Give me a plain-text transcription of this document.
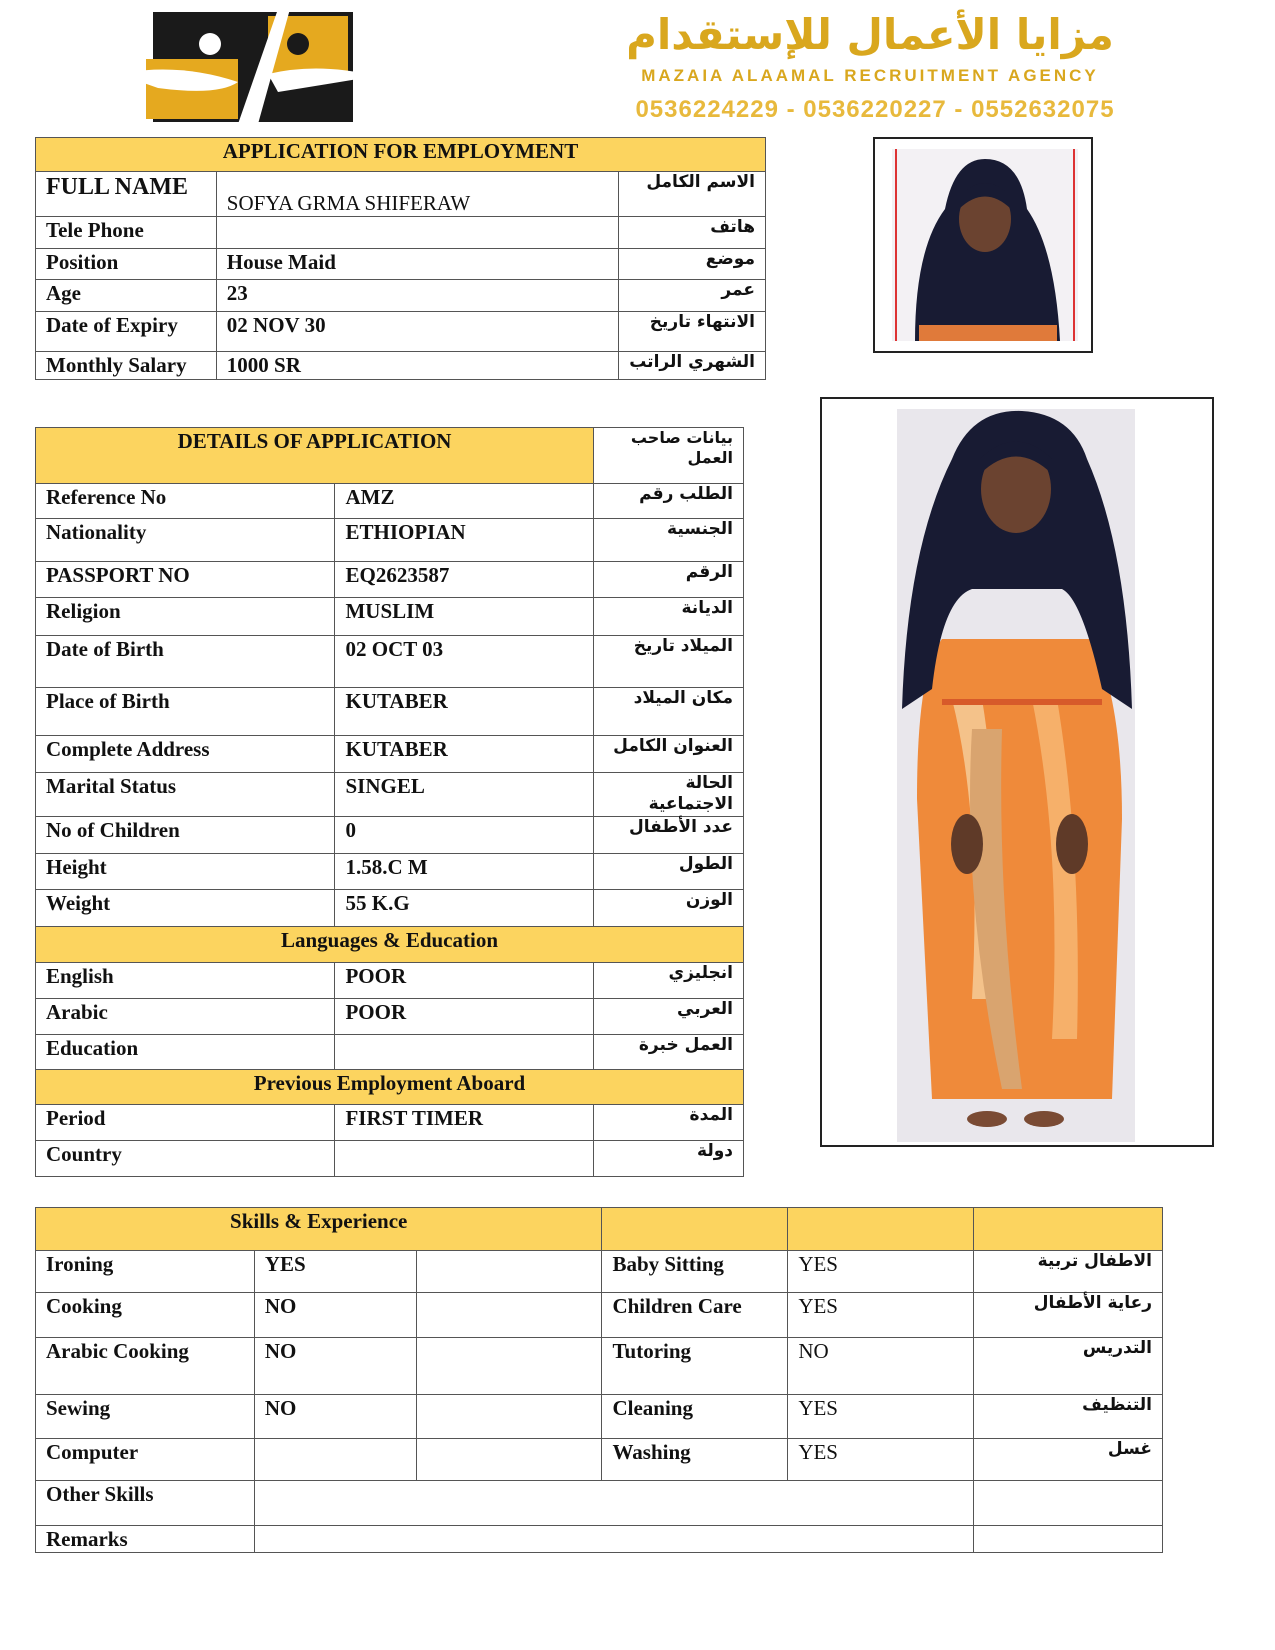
مزايا الأعمال للإستقدام
MAZAIA ALAAMAL RECRUITMENT AGENCY
0536224229 - 0536220227 - 0552632075
APPLICATION FOR EMPLOYMENT		
FULL NAME	SOFYA GRMA SHIFERAW	الاسم الكامل
Tele Phone		هاتف
Position	House Maid	موضع
Age	23	عمر
Date of Expiry	02 NOV 30	الانتهاء تاريخ
Monthly Salary	1000 SR	الشهري الراتب
DETAILS OF APPLICATION		بيانات صاحب العمل
Reference No	AMZ	الطلب رقم
Nationality	ETHIOPIAN	الجنسية
PASSPORT NO	EQ2623587	الرقم
Religion	MUSLIM	الديانة
Date of Birth	02 OCT 03	الميلاد تاريخ
Place of Birth	KUTABER	مكان الميلاد
Complete Address	KUTABER	العنوان الكامل
Marital Status	SINGEL	الحالة الاجتماعية
No of Children	0	عدد الأطفال
Height	1.58.C M	الطول
Weight	55 K.G	الوزن
Languages & Education		
English	POOR	انجليزي
Arabic	POOR	العربي
Education		العمل خبرة
Previous Employment Aboard		
Period	FIRST TIMER	المدة
Country		دولة
Skills & Experience					
Ironing	YES		Baby Sitting	YES	الاطفال تربية
Cooking	NO		Children Care	YES	رعاية الأطفال
Arabic Cooking	NO		Tutoring	NO	التدريس
Sewing	NO		Cleaning	YES	التنظيف
Computer			Washing	YES	غسل
Other Skills					
Remarks					
